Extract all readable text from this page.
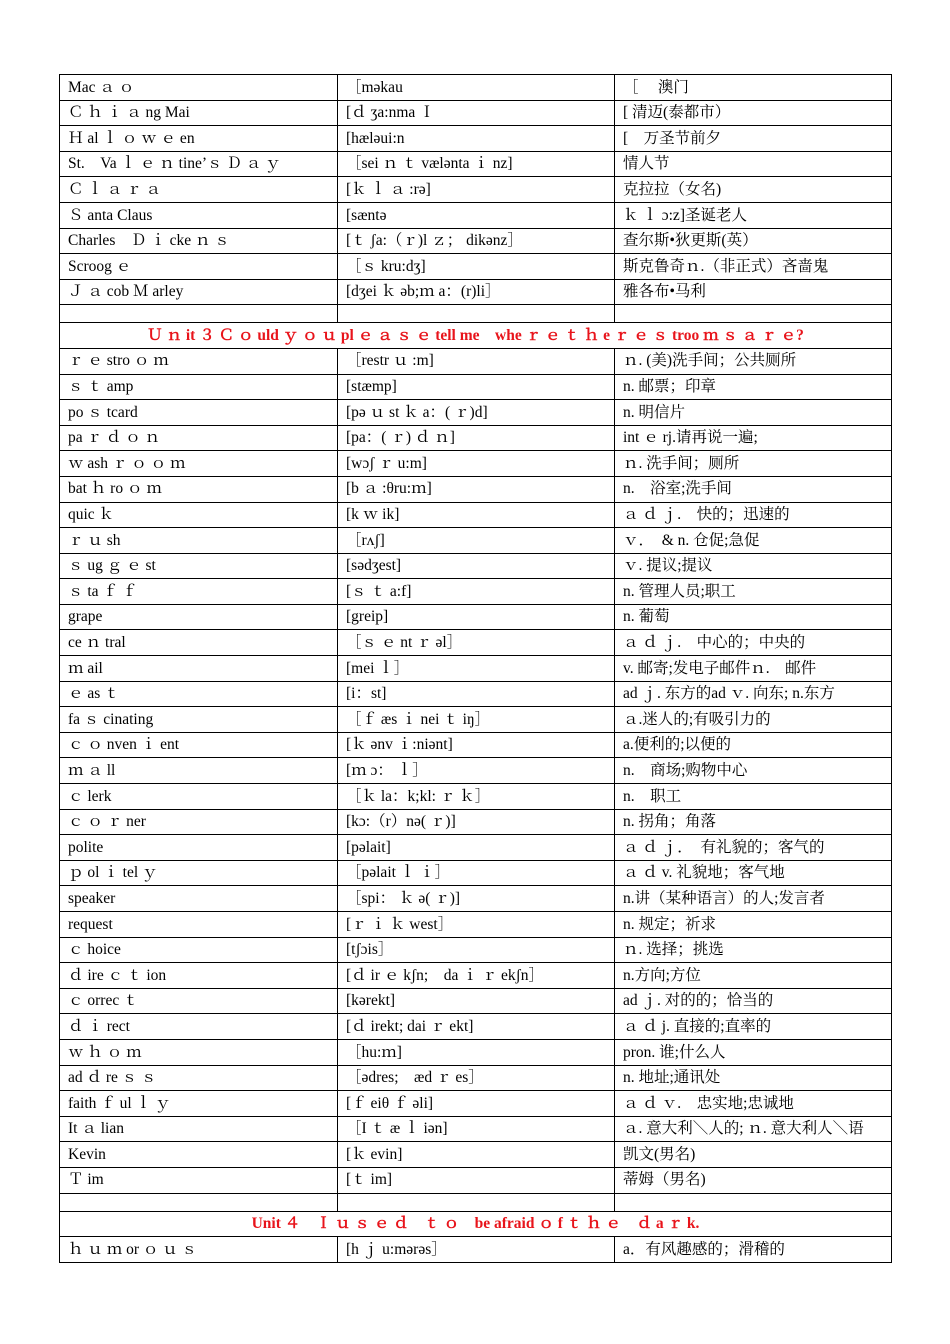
Mac ａ ｏ	［məkau	［　 澳门
Ｃ ｈ ｉ ａ ng Mai	[ｄ ʒa:nma Ｉ	[ 清迈(泰都市）
Ｈ al ｌ ｏ ｗ ｅ en	[hæləui:n	[　万圣节前夕
St.　Va ｌ ｅ ｎ tine’ｓ Ｄ ａ ｙ	［sei ｎ ｔ vælənta ｉ nz]	情人节
Ｃ ｌ ａ ｒ ａ	[ｋ ｌ ａ :rə]	克拉拉（女名)
Ｓ anta Claus	[sæntə	ｋ ｌ ɔ:z]圣诞老人
Charles　Ｄ ｉ cke ｎ ｓ	[ｔ ʃa:（ｒ)l ｚ； dikənz］	查尔斯•狄更斯(英）
Scroog ｅ	［ｓ kru:dʒ]	斯克鲁奇ｎ.（非正式）吝啬鬼
Ｊ ａ cob Ｍ arley	[dʒei ｋ əb;ｍ a：(r)li］	雅各布•马利

Ｕ ｎ it ３ Ｃ ｏ uld ｙ ｏ ｕ pl ｅ ａ ｓ ｅ tell me　whe ｒ ｅ ｔ ｈ e ｒ ｅ ｓ troo ｍ ｓ ａ ｒ ｅ?		
ｒ ｅ stro ｏ ｍ	［restr ｕ :m]	ｎ. (美)洗手间；公共厕所
ｓ ｔ amp	[stæmp]	n. 邮票；印章
po ｓ tcard	[pə ｕ st ｋ a：( ｒ)d]	n. 明信片
pa ｒ ｄ ｏ ｎ	[pa：( ｒ) ｄ ｎ]	int ｅ rj.请再说一遍;
ｗ ash ｒ ｏ ｏ ｍ	[wɔʃ ｒ u:m]	ｎ. 洗手间；厕所
bat ｈ ro ｏ ｍ	[b ａ :θru:ｍ]	n.　浴室;洗手间
quic ｋ	[k ｗ ik]	ａ ｄ ｊ.　快的；迅速的
ｒ ｕ sh	［rʌʃ]	ｖ．　& n. 仓促;急促
ｓ ug ｇ ｅ st	[sədʒest]	ｖ. 提议;提议
ｓ ta ｆ ｆ	[ｓ ｔ a:f]	n. 管理人员;职工
grape	[greip]	n. 葡萄
ce ｎ tral	［ｓ ｅ nt ｒ əl］	ａ ｄ ｊ.　中心的；中央的
ｍ ail	[mei ｌ］	v. 邮寄;发电子邮件ｎ.　邮件
ｅ as ｔ	[i：st]	ad ｊ. 东方的ad ｖ. 向东; n.东方
fa ｓ cinating	［ｆ æs ｉ nei ｔ iŋ］	ａ.迷人的;有吸引力的
ｃ ｏ nven ｉ ent	[ｋ ənv ｉ:niənt]	a.便利的;以便的
ｍ ａ ll	[ｍ ɔ： ｌ］	n.　商场;购物中心
ｃ lerk	［ｋ la：k;kl: ｒ ｋ］	n.　职工
ｃ ｏ ｒ ner	[kɔ:（r）nə( ｒ)]	n. 拐角；角落
polite	[pəlait]	ａ ｄ ｊ．　有礼貌的；客气的
ｐ ol ｉ tel ｙ	［pəlait ｌ ｉ］	ａ ｄ v. 礼貌地；客气地
speaker	［spi： ｋ ə( ｒ)]	n.讲（某种语言）的人;发言者
request	[ｒ ｉ ｋ west］	n. 规定；祈求
ｃ hoice	[tʃɔis］	ｎ. 选择；挑选
ｄ ire ｃ ｔ ion	[ｄ ir ｅ kʃn;　da ｉ ｒ ekʃn］	n.方向;方位
ｃ orrec ｔ	[kərekt]	ad ｊ. 对的的；恰当的
ｄ ｉ rect	[ｄ irekt; dai ｒ ekt]	ａ ｄ j. 直接的;直率的
ｗ ｈ ｏ ｍ	［hu:ｍ]	pron. 谁;什么人
ad ｄ re ｓ ｓ	［ədres;　æd ｒ es］	n. 地址;通讯处
faith ｆ ul ｌ ｙ	[ｆ eiθ ｆ əli]	ａ ｄ ｖ.　忠实地;忠诚地
It ａ lian	［I ｔ æ ｌ iən]	ａ. 意大利＼人的; ｎ. 意大利人＼语
Kevin	[ｋ evin]	凯文(男名)
Ｔ im	[ｔ im]	蒂姆（男名)

Unit ４　Ｉ ｕ ｓ ｅ ｄ　ｔ ｏ　be afraid ｏ f ｔ ｈ ｅ　ｄ a ｒ k.		
ｈ ｕ ｍ or ｏ ｕ ｓ	[h ｊ u:mərəs］	a．有风趣感的；滑稽的
